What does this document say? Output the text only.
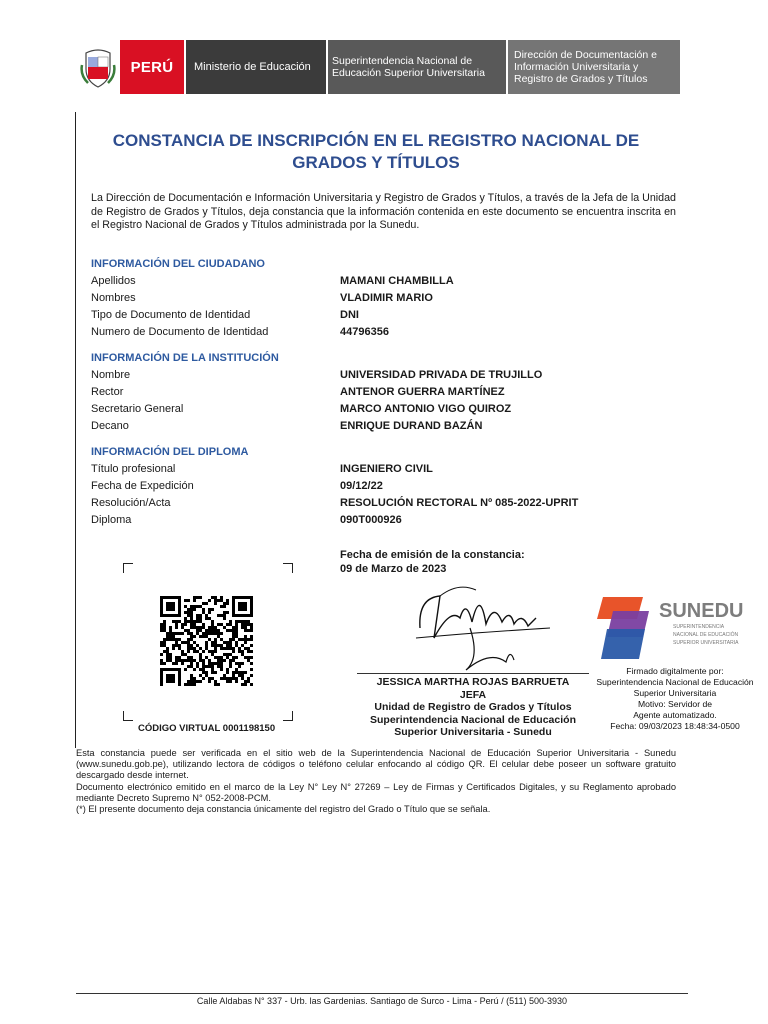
PERÚ	Ministerio de Educación	Superintendencia Nacional de Educación Superior Universitaria
Dirección de Documentación e Información Universitaria y Registro de Grados y Títulos
CONSTANCIA DE INSCRIPCIÓN EN EL REGISTRO NACIONAL DE GRADOS Y TÍTULOS
La Dirección de Documentación e Información Universitaria y Registro de Grados y Títulos, a través de la Jefa de la Unidad de Registro de Grados y Títulos, deja constancia que la información contenida en este documento se encuentra inscrita en el Registro Nacional de Grados y Títulos administrada por la Sunedu.
INFORMACIÓN DEL CIUDADANO
Apellidos	MAMANI CHAMBILLA
Nombres	VLADIMIR MARIO
Tipo de Documento de Identidad	DNI
Numero de Documento de Identidad	44796356
INFORMACIÓN DE LA INSTITUCIÓN
Nombre	UNIVERSIDAD PRIVADA DE TRUJILLO
Rector	ANTENOR GUERRA MARTÍNEZ
Secretario General	MARCO ANTONIO VIGO QUIROZ
Decano	ENRIQUE DURAND BAZÁN
INFORMACIÓN DEL DIPLOMA
Título profesional	INGENIERO CIVIL
Fecha de Expedición	09/12/22
Resolución/Acta	RESOLUCIÓN RECTORAL Nº 085-2022-UPRIT
Diploma	090T000926
Fecha de emisión de la constancia:
09 de Marzo de 2023
CÓDIGO VIRTUAL 0001198150
JESSICA MARTHA ROJAS BARRUETA
JEFA
Unidad de Registro de Grados y Títulos
Superintendencia Nacional de Educación
Superior Universitaria - Sunedu
SUNEDU
SUPERINTENDENCIA
NACIONAL DE EDUCACIÓN
SUPERIOR UNIVERSITARIA
Firmado digitalmente por:
Superintendencia Nacional de Educación
Superior Universitaria
Motivo: Servidor de
Agente automatizado.
Fecha: 09/03/2023 18:48:34-0500
Esta constancia puede ser verificada en el sitio web de la Superintendencia Nacional de Educación Superior Universitaria - Sunedu (www.sunedu.gob.pe), utilizando lectora de códigos o teléfono celular enfocando al código QR. El celular debe poseer un software gratuito descargado desde internet.
Documento electrónico emitido en el marco de la Ley N° Ley N° 27269 – Ley de Firmas y Certificados Digitales, y su Reglamento aprobado mediante Decreto Supremo N° 052-2008-PCM.
(*) El presente documento deja constancia únicamente del registro del Grado o Título que se señala.
Calle Aldabas N° 337 - Urb. las Gardenias. Santiago de Surco - Lima - Perú / (511) 500-3930
